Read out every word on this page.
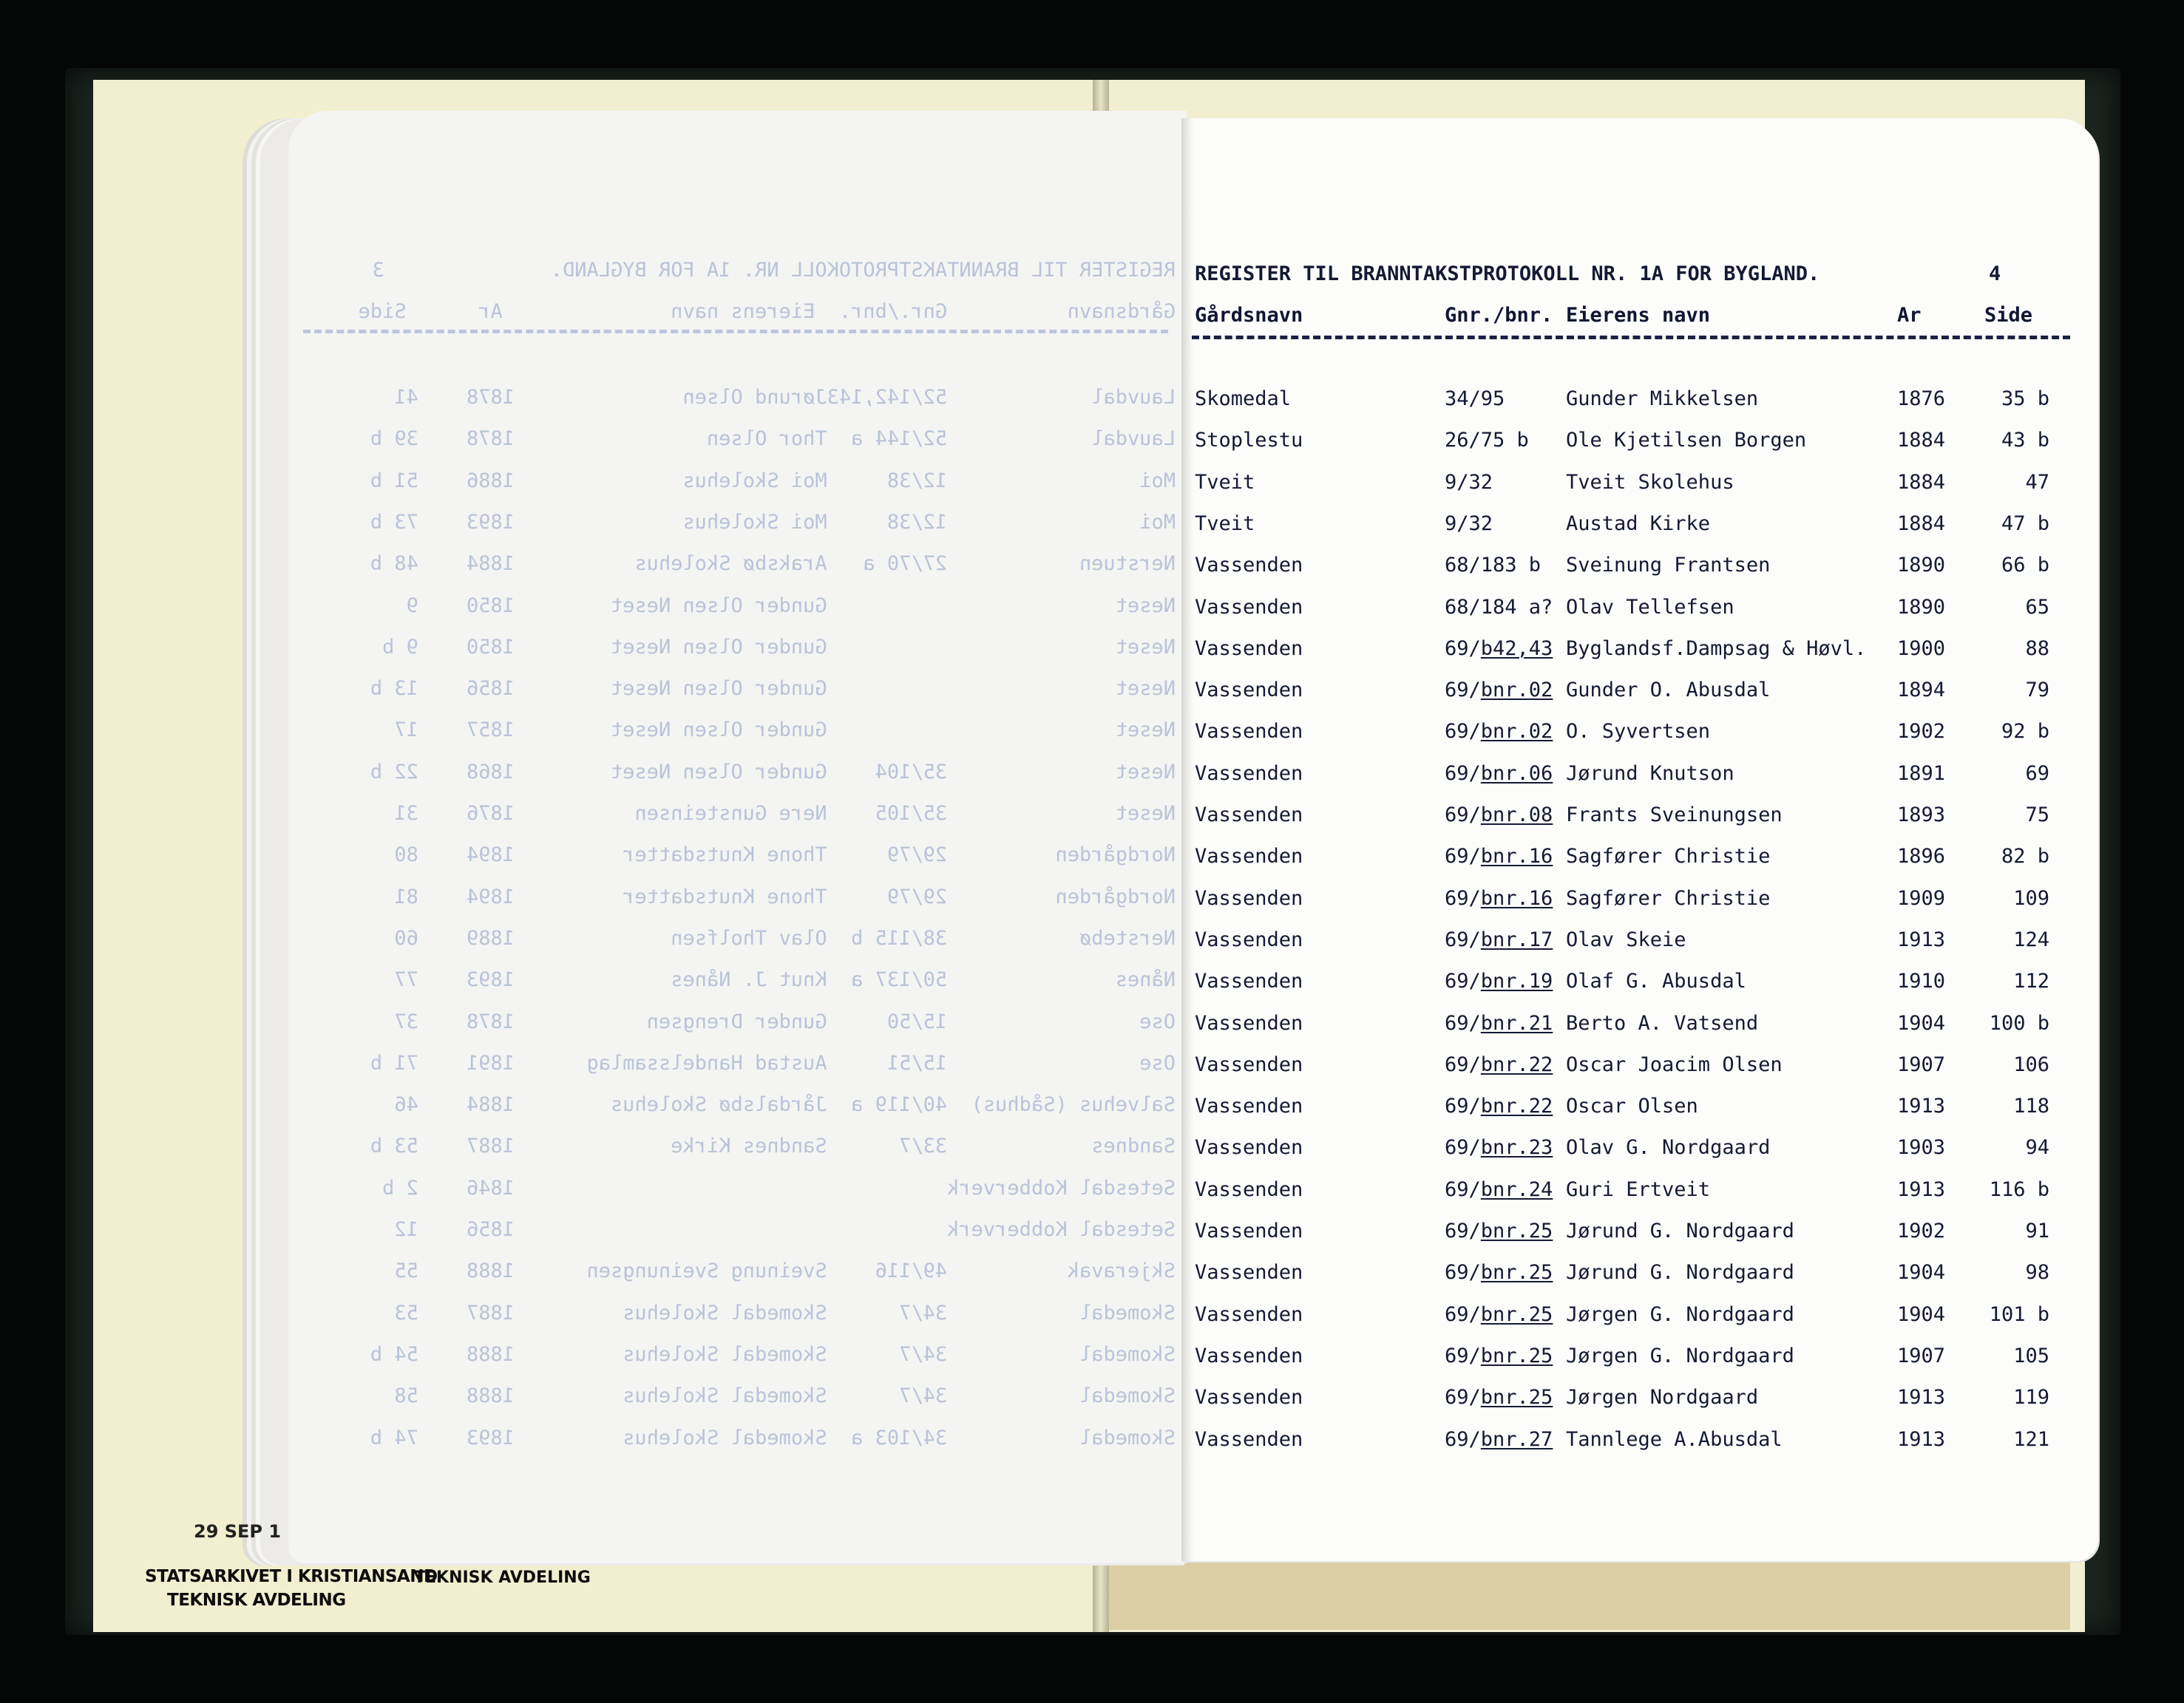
REGISTER TIL BRANNTAKSTPROTOKOLL NR. 1A FOR BYGLAND.
3
Gårdsnavn          Gnr./bnr.  Eierens navn              Ar      Side
Lauvdal            52/142,143Jørund Olsen              1878    41
Lauvdal            52/144 a  Thor Olsen                1878    39 b
Moi                12/38     Moi Skolehus              1886    51 b
Moi                12/38     Moi Skolehus              1893    73 b
Nerstuen           27/70 a   Araksbø Skolehus          1884    48 b
Neset                        Gunder Olsen Neset        1850    9
Neset                        Gunder Olsen Neset        1850    9 b
Neset                        Gunder Olsen Neset        1856    13 b
Neset                        Gunder Olsen Neset        1857    17
Neset              35/104    Gunder Olsen Neset        1868    22 b
Neset              35/105    Nere Gunsteinsen          1876    31
Nordgården         29/79     Thone Knutsdatter         1894    80
Nordgården         29/79     Thone Knutsdatter         1894    81
Nerstebø           38/115 b  Olav Tholfsen             1889    60
Nånes              50/137 a  Knut J. Nånes             1893    77
Ose                15/50     Gunder Drengsen           1878    37
Ose                15/51     Austad Handelssamlag      1891    71 b
Salvehus (Sådhus)  40/119 a  Jårdalsbø Skolehus        1884    46
Sandnes            33/7      Sandnes Kirke             1887    53 b
Setesdal Kobberverk                                    1846    2 b
Setesdal Kobberverk                                    1856    12
Skjeravak          49/116    Sveinung Sveinungsen      1888    55
Skomedal           34/7      Skomedal Skolehus         1887    53
Skomedal           34/7      Skomedal Skolehus         1888    54 b
Skomedal           34/7      Skomedal Skolehus         1888    58
Skomedal           34/103 a  Skomedal Skolehus         1893    74 b
REGISTER TIL BRANNTAKSTPROTOKOLL NR. 1A FOR BYGLAND.	4
Gårdsnavn	Gnr./bnr. Eierens navn	Ar	Side
Skomedal	34/95	Gunder Mikkelsen	1876	35 b
Stoplestu	26/75 b Ole Kjetilsen Borgen	1884	43 b
Tveit	9/32	Tveit Skolehus	1884	47
Tveit	9/32	Austad Kirke	1884	47 b
Vassenden	68/183 b Sveinung Frantsen	1890	66 b
Vassenden	68/184 a? Olav Tellefsen	1890	65
Vassenden	69/b42,43 Byglandsf.Dampsag & Høvl. 1900	88
Vassenden	69/bnr.02 Gunder O. Abusdal	1894	79
Vassenden	69/bnr.02 O. Syvertsen	1902	92 b
Vassenden	69/bnr.06 Jørund Knutson	1891	69
Vassenden	69/bnr.08 Frants Sveinungsen	1893	75
Vassenden	69/bnr.16 Sagfører Christie	1896	82 b
Vassenden	69/bnr.16 Sagfører Christie	1909	109
Vassenden	69/bnr.17 Olav Skeie	1913	124
Vassenden	69/bnr.19 Olaf G. Abusdal	1910	112
Vassenden	69/bnr.21 Berto A. Vatsend	1904	100 b
Vassenden	69/bnr.22 Oscar Joacim Olsen	1907	106
Vassenden	69/bnr.22 Oscar Olsen	1913	118
Vassenden	69/bnr.23 Olav G. Nordgaard	1903	94
Vassenden	69/bnr.24 Guri Ertveit	1913	116 b
Vassenden	69/bnr.25 Jørund G. Nordgaard	1902	91
Vassenden	69/bnr.25 Jørund G. Nordgaard	1904	98
Vassenden	69/bnr.25 Jørgen G. Nordgaard	1904	101 b
Vassenden	69/bnr.25 Jørgen G. Nordgaard	1907	105
Vassenden	69/bnr.25 Jørgen Nordgaard	1913	119
Vassenden	69/bnr.27 Tannlege A.Abusdal	1913	121
29 SEP 1
STATSARKIVET I KRISTIANSAND
TEKNISK AVDELING
TEKNISK AVDELING
